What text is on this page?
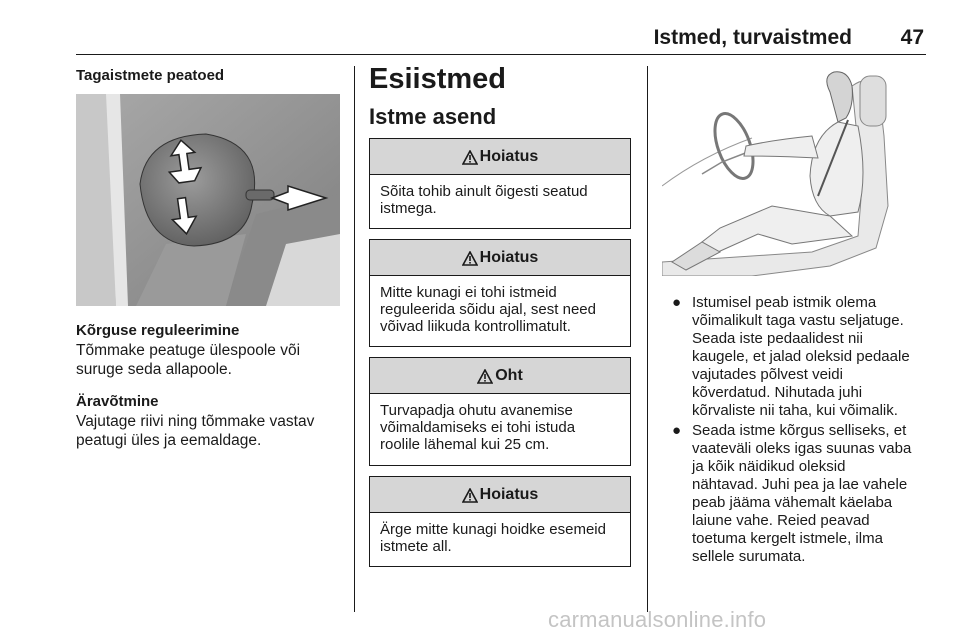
Istmed, turvaistmed	47
Tagaistmete peatoed
Kõrguse reguleerimine
Tõmmake peatuge ülespoole või
suruge seda allapoole.
Äravõtmine
Vajutage riivi ning tõmmake vastav
peatugi üles ja eemaldage.
Esiistmed
Istme asend
Hoiatus
Sõita tohib ainult õigesti seatud
istmega.
Hoiatus
Mitte kunagi ei tohi istmeid
reguleerida sõidu ajal, sest need
võivad liikuda kontrollimatult.
Oht
Turvapadja ohutu avanemise
võimaldamiseks ei tohi istuda
roolile lähemal kui 25 cm.
Hoiatus
Ärge mitte kunagi hoidke esemeid
istmete all.
● Istumisel peab istmik olema
võimalikult taga vastu seljatuge.
Seada iste pedaalidest nii
kaugele, et jalad oleksid pedaale
vajutades põlvest veidi
kõverdatud. Nihutada juhi
kõrvaliste nii taha, kui võimalik.
● Seada istme kõrgus selliseks, et
vaateväli oleks igas suunas vaba
ja kõik näidikud oleksid
nähtavad. Juhi pea ja lae vahele
peab jääma vähemalt käelaba
laiune vahe. Reied peavad
toetuma kergelt istmele, ilma
sellele surumata.
carmanualsonline.info
